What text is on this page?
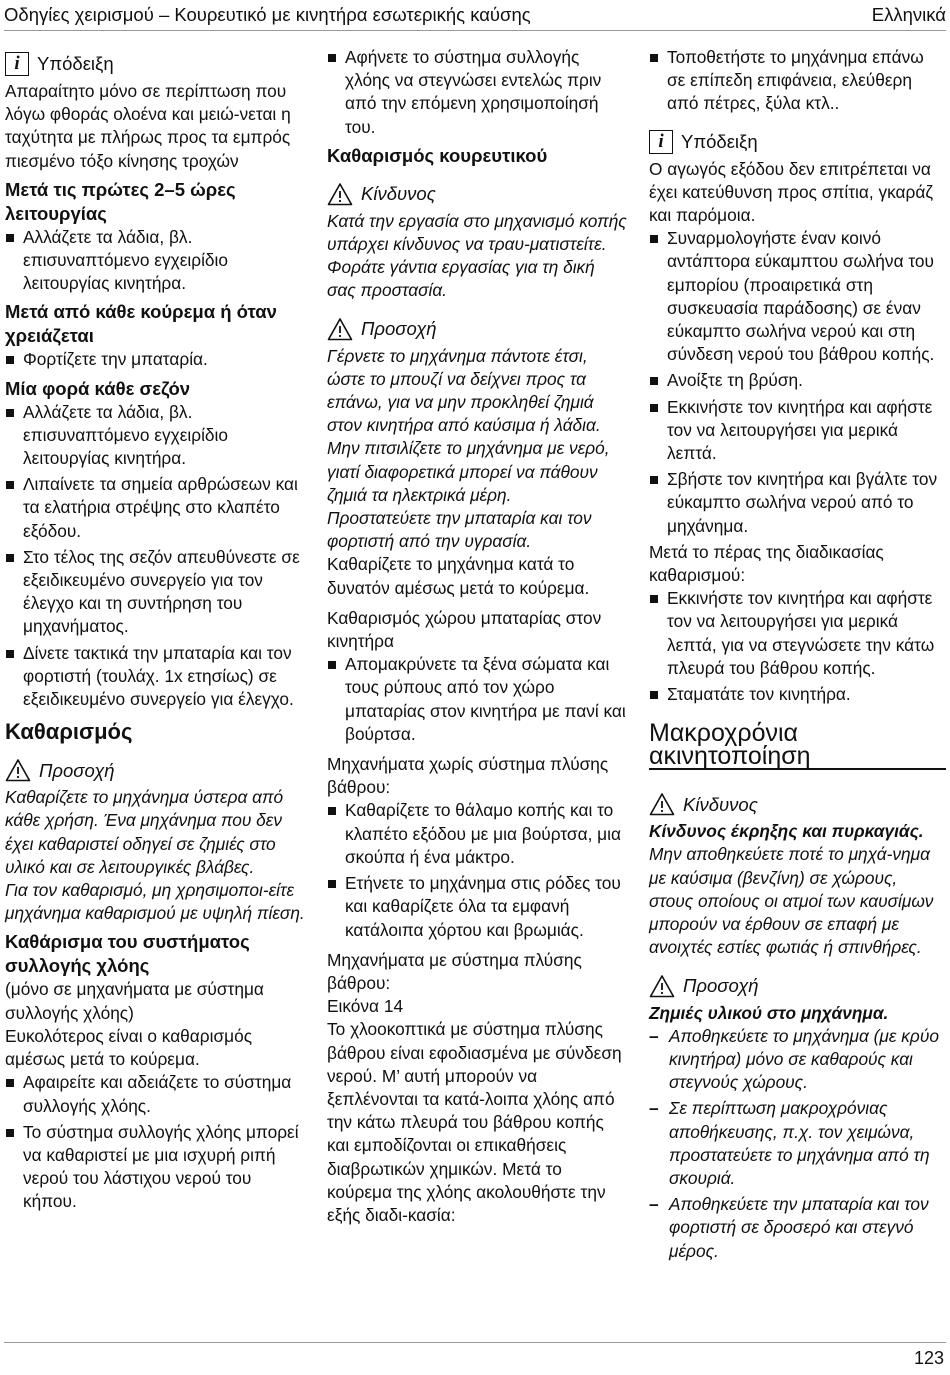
Οδηγίες χειρισμού – Κουρευτικό με κινητήρα εσωτερικής καύσης	Ελληνικά
i Υπόδειξη

Απαραίτητο μόνο σε περίπτωση που λόγω φθοράς ολοένα και μειώ-νεται η ταχύτητα με πλήρως προς τα εμπρός πιεσμένο τόξο κίνησης τροχών

Μετά τις πρώτες 2–5 ώρες λειτουργίας

Αλλάζετε τα λάδια, βλ. επισυναπτόμενο εγχειρίδιο λειτουργίας κινητήρα.

Μετά από κάθε κούρεμα ή όταν χρειάζεται

Φορτίζετε την μπαταρία.

Μία φορά κάθε σεζόν

Αλλάζετε τα λάδια, βλ. επισυναπτόμενο εγχειρίδιο λειτουργίας κινητήρα.
Λιπαίνετε τα σημεία αρθρώσεων και τα ελατήρια στρέψης στο κλαπέτο εξόδου.
Στο τέλος της σεζόν απευθύνεστε σε εξειδικευμένο συνεργείο για τον έλεγχο και τη συντήρηση του μηχανήματος.
Δίνετε τακτικά την μπαταρία και τον φορτιστή (τουλάχ. 1x ετησίως) σε εξειδικευμένο συνεργείο για έλεγχο.

Καθαρισμός

Προσοχή

Καθαρίζετε το μηχάνημα ύστερα από κάθε χρήση. Ένα μηχάνημα που δεν έχει καθαριστεί οδηγεί σε ζημιές στο υλικό και σε λειτουργικές βλάβες.

Για τον καθαρισμό, μη χρησιμοποι-είτε μηχάνημα καθαρισμού με υψηλή πίεση.

Καθάρισμα του συστήματος συλλογής χλόης

(μόνο σε μηχανήματα με σύστημα συλλογής χλόης)

Ευκολότερος είναι ο καθαρισμός αμέσως μετά το κούρεμα.

Αφαιρείτε και αδειάζετε το σύστημα συλλογής χλόης.
Το σύστημα συλλογής χλόης μπορεί να καθαριστεί με μια ισχυρή ριπή νερού του λάστιχου νερού του κήπου.
Αφήνετε το σύστημα συλλογής χλόης να στεγνώσει εντελώς πριν από την επόμενη χρησιμοποίησή του.

Καθαρισμός κουρευτικού

Κίνδυνος

Κατά την εργασία στο μηχανισμό κοπής υπάρχει κίνδυνος να τραυ-ματιστείτε. Φοράτε γάντια εργασίας για τη δική σας προστασία.

Προσοχή

Γέρνετε το μηχάνημα πάντοτε έτσι, ώστε το μπουζί να δείχνει προς τα επάνω, για να μην προκληθεί ζημιά στον κινητήρα από καύσιμα ή λάδια.

Μην πιτσιλίζετε το μηχάνημα με νερό, γιατί διαφορετικά μπορεί να πάθουν ζημιά τα ηλεκτρικά μέρη.

Προστατεύετε την μπαταρία και τον φορτιστή από την υγρασία.

Καθαρίζετε το μηχάνημα κατά το δυνατόν αμέσως μετά το κούρεμα.

Καθαρισμός χώρου μπαταρίας στον κινητήρα

Απομακρύνετε τα ξένα σώματα και τους ρύπους από τον χώρο μπαταρίας στον κινητήρα με πανί και βούρτσα.

Μηχανήματα χωρίς σύστημα πλύσης βάθρου:

Καθαρίζετε το θάλαμο κοπής και το κλαπέτο εξόδου με μια βούρτσα, μια σκούπα ή ένα μάκτρο.
Ετήνετε το μηχάνημα στις ρόδες του και καθαρίζετε όλα τα εμφανή κατάλοιπα χόρτου και βρωμιάς.

Μηχανήματα με σύστημα πλύσης βάθρου:

Εικόνα 14

Το χλοοκοπτικά με σύστημα πλύσης βάθρου είναι εφοδιασμένα με σύνδεση νερού. Μ’ αυτή μπορούν να ξεπλένονται τα κατά-λοιπα χλόης από την κάτω πλευρά του βάθρου κοπής και εμποδίζονται οι επικαθήσεις διαβρωτικών χημικών. Μετά το κούρεμα της χλόης ακολουθήστε την εξής διαδι-κασία:

Τοποθετήστε το μηχάνημα επάνω σε επίπεδη επιφάνεια, ελεύθερη από πέτρες, ξύλα κτλ..
i Υπόδειξη

Ο αγωγός εξόδου δεν επιτρέπεται να έχει κατεύθυνση προς σπίτια, γκαράζ και παρόμοια.

Συναρμολογήστε έναν κοινό αντάπτορα εύκαμπτου σωλήνα του εμπορίου (προαιρετικά στη συσκευασία παράδοσης) σε έναν εύκαμπτο σωλήνα νερού και στη σύνδεση νερού του βάθρου κοπής.
Ανοίξτε τη βρύση.
Εκκινήστε τον κινητήρα και αφήστε τον να λειτουργήσει για μερικά λεπτά.
Σβήστε τον κινητήρα και βγάλτε τον εύκαμπτο σωλήνα νερού από το μηχάνημα.

Μετά το πέρας της διαδικασίας καθαρισμού:

Εκκινήστε τον κινητήρα και αφήστε τον να λειτουργήσει για μερικά λεπτά, για να στεγνώσετε την κάτω πλευρά του βάθρου κοπής.
Σταματάτε τον κινητήρα.

Μακροχρόνια ακινητοποίηση

Κίνδυνος

Κίνδυνος έκρηξης και πυρκαγιάς.

Μην αποθηκεύετε ποτέ το μηχά-νημα με καύσιμα (βενζίνη) σε χώρους, στους οποίους οι ατμοί των καυσίμων μπορούν να έρθουν σε επαφή με ανοιχτές εστίες φωτιάς ή σπινθήρες.

Προσοχή

Ζημιές υλικού στο μηχάνημα.

– Αποθηκεύετε το μηχάνημα (με κρύο κινητήρα) μόνο σε καθαρούς και στεγνούς χώρους.
– Σε περίπτωση μακροχρόνιας αποθήκευσης, π.χ. τον χειμώνα, προστατεύετε το μηχάνημα από τη σκουριά.
– Αποθηκεύετε την μπαταρία και τον φορτιστή σε δροσερό και στεγνό μέρος.
123
